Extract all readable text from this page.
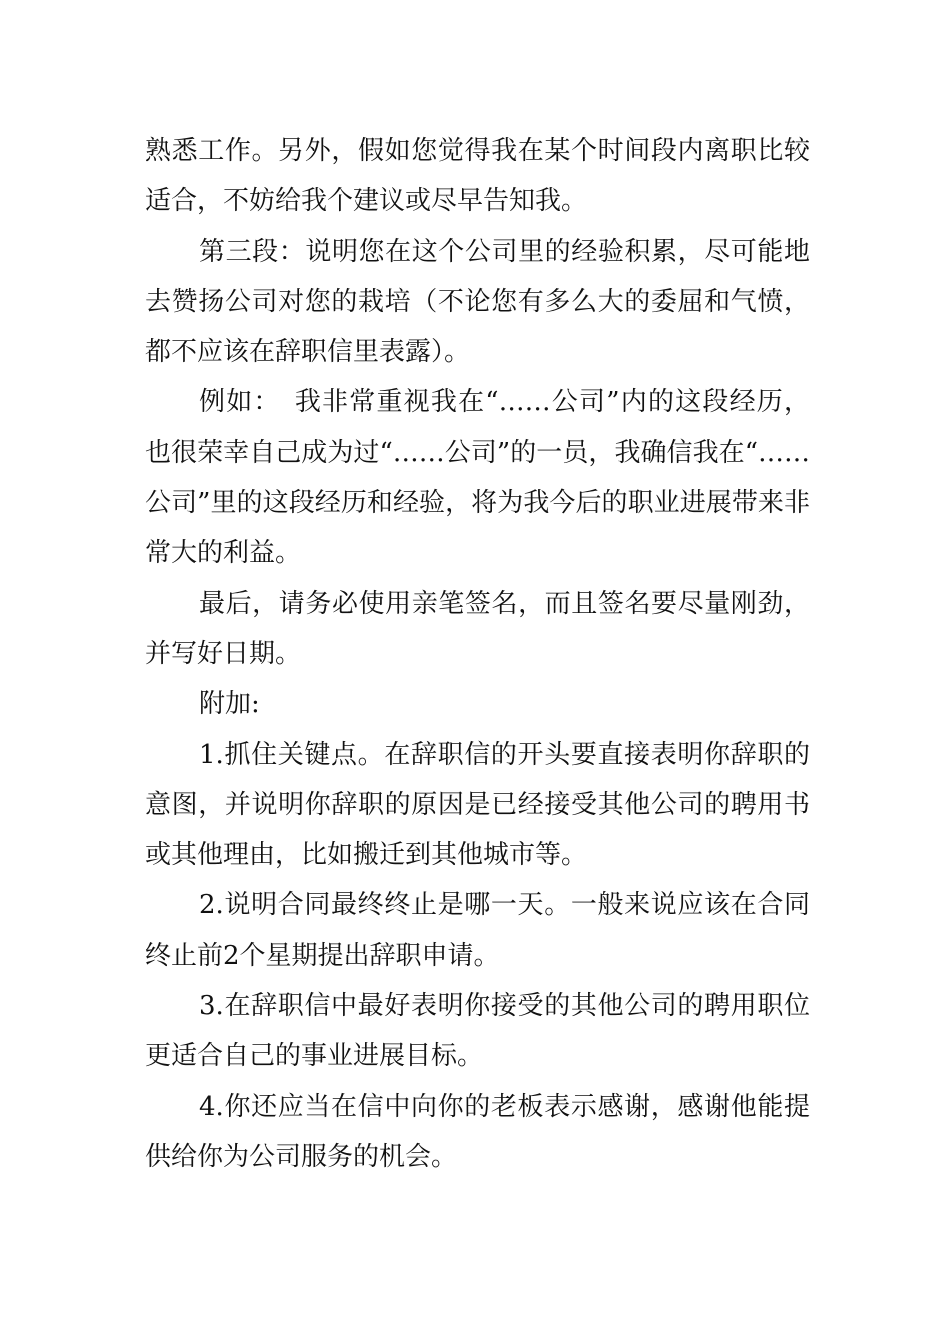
熟悉工作。另外，假如您觉得我在某个时间段内离职比较适合，不妨给我个建议或尽早告知我。

第三段：说明您在这个公司里的经验积累，尽可能地去赞扬公司对您的栽培（不论您有多么大的委屈和气愤，都不应该在辞职信里表露）。

例如：　我非常重视我在“……公司”内的这段经历，也很荣幸自己成为过“……公司”的一员，我确信我在“……公司”里的这段经历和经验，将为我今后的职业进展带来非常大的利益。

最后，请务必使用亲笔签名，而且签名要尽量刚劲，并写好日期。

附加:

1.抓住关键点。在辞职信的开头要直接表明你辞职的意图，并说明你辞职的原因是已经接受其他公司的聘用书或其他理由，比如搬迁到其他城市等。

2.说明合同最终终止是哪一天。一般来说应该在合同终止前2个星期提出辞职申请。

3.在辞职信中最好表明你接受的其他公司的聘用职位更适合自己的事业进展目标。

4.你还应当在信中向你的老板表示感谢，感谢他能提供给你为公司服务的机会。
